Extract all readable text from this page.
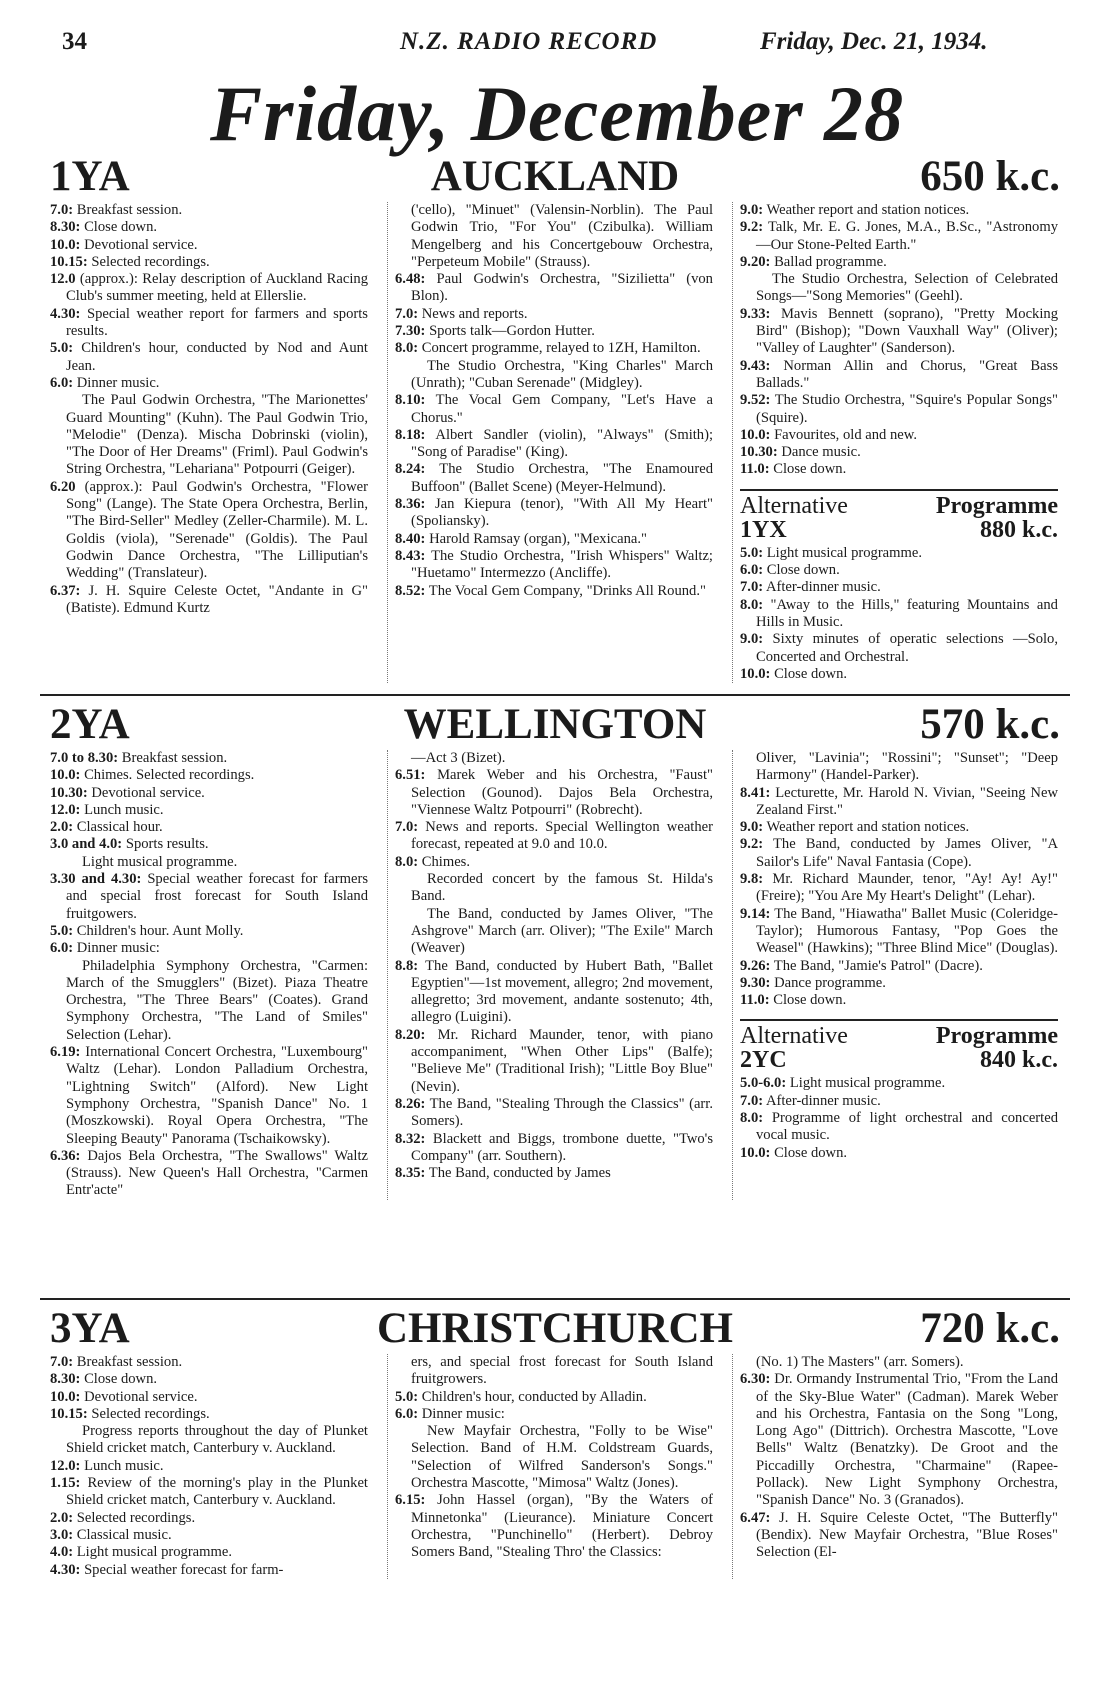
34	N.Z. RADIO RECORD	Friday, Dec. 21, 1934.
Friday, December 28
AUCKLAND
1YA	650 k.c.

7.0: Breakfast session.

8.30: Close down.

10.0: Devotional service.

10.15: Selected recordings.

12.0 (approx.): Relay description of Auckland Racing Club's summer meeting, held at Ellerslie.

4.30: Special weather report for farmers and sports results.

5.0: Children's hour, conducted by Nod and Aunt Jean.

6.0: Dinner music.

The Paul Godwin Orchestra, "The Marionettes' Guard Mounting" (Kuhn). The Paul Godwin Trio, "Melodie" (Denza). Mischa Dobrinski (violin), "The Door of Her Dreams" (Friml). Paul Godwin's String Orchestra, "Lehariana" Potpourri (Geiger).

6.20 (approx.): Paul Godwin's Orchestra, "Flower Song" (Lange). The State Opera Orchestra, Berlin, "The Bird-Seller" Medley (Zeller-Charmile). M. L. Goldis (viola), "Serenade" (Goldis). The Paul Godwin Dance Orchestra, "The Lilliputian's Wedding" (Translateur).

6.37: J. H. Squire Celeste Octet, "Andante in G" (Batiste). Edmund Kurtz

('cello), "Minuet" (Valensin-Norblin). The Paul Godwin Trio, "For You" (Czibulka). William Mengelberg and his Concertgebouw Orchestra, "Perpeteum Mobile" (Strauss).

6.48: Paul Godwin's Orchestra, "Sizilietta" (von Blon).

7.0: News and reports.

7.30: Sports talk—Gordon Hutter.

8.0: Concert programme, relayed to 1ZH, Hamilton.

The Studio Orchestra, "King Charles" March (Unrath); "Cuban Serenade" (Midgley).

8.10: The Vocal Gem Company, "Let's Have a Chorus."

8.18: Albert Sandler (violin), "Always" (Smith); "Song of Paradise" (King).

8.24: The Studio Orchestra, "The Enamoured Buffoon" (Ballet Scene) (Meyer-Helmund).

8.36: Jan Kiepura (tenor), "With All My Heart" (Spoliansky).

8.40: Harold Ramsay (organ), "Mexicana."

8.43: The Studio Orchestra, "Irish Whispers" Waltz; "Huetamo" Intermezzo (Ancliffe).

8.52: The Vocal Gem Company, "Drinks All Round."

9.0: Weather report and station notices.

9.2: Talk, Mr. E. G. Jones, M.A., B.Sc., "Astronomy—Our Stone-Pelted Earth."

9.20: Ballad programme.

The Studio Orchestra, Selection of Celebrated Songs—"Song Memories" (Geehl).

9.33: Mavis Bennett (soprano), "Pretty Mocking Bird" (Bishop); "Down Vauxhall Way" (Oliver); "Valley of Laughter" (Sanderson).

9.43: Norman Allin and Chorus, "Great Bass Ballads."

9.52: The Studio Orchestra, "Squire's Popular Songs" (Squire).

10.0: Favourites, old and new.

10.30: Dance music.

11.0: Close down.

Alternative	Programme
1YX	880 k.c.

5.0: Light musical programme.

6.0: Close down.

7.0: After-dinner music.

8.0: "Away to the Hills," featuring Mountains and Hills in Music.

9.0: Sixty minutes of operatic selections —Solo, Concerted and Orchestral.

10.0: Close down.

WELLINGTON
2YA	570 k.c.

7.0 to 8.30: Breakfast session.

10.0: Chimes. Selected recordings.

10.30: Devotional service.

12.0: Lunch music.

2.0: Classical hour.

3.0 and 4.0: Sports results.

Light musical programme.

3.30 and 4.30: Special weather forecast for farmers and special frost forecast for South Island fruitgowers.

5.0: Children's hour. Aunt Molly.

6.0: Dinner music:

Philadelphia Symphony Orchestra, "Carmen: March of the Smugglers" (Bizet). Piaza Theatre Orchestra, "The Three Bears" (Coates). Grand Symphony Orchestra, "The Land of Smiles" Selection (Lehar).

6.19: International Concert Orchestra, "Luxembourg" Waltz (Lehar). London Palladium Orchestra, "Lightning Switch" (Alford). New Light Symphony Orchestra, "Spanish Dance" No. 1 (Moszkowski). Royal Opera Orchestra, "The Sleeping Beauty" Panorama (Tschaikowsky).

6.36: Dajos Bela Orchestra, "The Swallows" Waltz (Strauss). New Queen's Hall Orchestra, "Carmen Entr'acte"

—Act 3 (Bizet).

6.51: Marek Weber and his Orchestra, "Faust" Selection (Gounod). Dajos Bela Orchestra, "Viennese Waltz Potpourri" (Robrecht).

7.0: News and reports. Special Wellington weather forecast, repeated at 9.0 and 10.0.

8.0: Chimes.

Recorded concert by the famous St. Hilda's Band.

The Band, conducted by James Oliver, "The Ashgrove" March (arr. Oliver); "The Exile" March (Weaver)

8.8: The Band, conducted by Hubert Bath, "Ballet Egyptien"—1st movement, allegro; 2nd movement, allegretto; 3rd movement, andante sostenuto; 4th, allegro (Luigini).

8.20: Mr. Richard Maunder, tenor, with piano accompaniment, "When Other Lips" (Balfe); "Believe Me" (Traditional Irish); "Little Boy Blue" (Nevin).

8.26: The Band, "Stealing Through the Classics" (arr. Somers).

8.32: Blackett and Biggs, trombone duette, "Two's Company" (arr. Southern).

8.35: The Band, conducted by James

Oliver, "Lavinia"; "Rossini"; "Sunset"; "Deep Harmony" (Handel-Parker).

8.41: Lecturette, Mr. Harold N. Vivian, "Seeing New Zealand First."

9.0: Weather report and station notices.

9.2: The Band, conducted by James Oliver, "A Sailor's Life" Naval Fantasia (Cope).

9.8: Mr. Richard Maunder, tenor, "Ay! Ay! Ay!" (Freire); "You Are My Heart's Delight" (Lehar).

9.14: The Band, "Hiawatha" Ballet Music (Coleridge-Taylor); Humorous Fantasy, "Pop Goes the Weasel" (Hawkins); "Three Blind Mice" (Douglas).

9.26: The Band, "Jamie's Patrol" (Dacre).

9.30: Dance programme.

11.0: Close down.

Alternative	Programme
2YC	840 k.c.

5.0-6.0: Light musical programme.

7.0: After-dinner music.

8.0: Programme of light orchestral and concerted vocal music.

10.0: Close down.

CHRISTCHURCH
3YA	720 k.c.

7.0: Breakfast session.

8.30: Close down.

10.0: Devotional service.

10.15: Selected recordings.

Progress reports throughout the day of Plunket Shield cricket match, Canterbury v. Auckland.

12.0: Lunch music.

1.15: Review of the morning's play in the Plunket Shield cricket match, Canterbury v. Auckland.

2.0: Selected recordings.

3.0: Classical music.

4.0: Light musical programme.

4.30: Special weather forecast for farm-

ers, and special frost forecast for South Island fruitgrowers.

5.0: Children's hour, conducted by Alladin.

6.0: Dinner music:

New Mayfair Orchestra, "Folly to be Wise" Selection. Band of H.M. Coldstream Guards, "Selection of Wilfred Sanderson's Songs." Orchestra Mascotte, "Mimosa" Waltz (Jones).

6.15: John Hassel (organ), "By the Waters of Minnetonka" (Lieurance). Miniature Concert Orchestra, "Punchinello" (Herbert). Debroy Somers Band, "Stealing Thro' the Classics:

(No. 1) The Masters" (arr. Somers).

6.30: Dr. Ormandy Instrumental Trio, "From the Land of the Sky-Blue Water" (Cadman). Marek Weber and his Orchestra, Fantasia on the Song "Long, Long Ago" (Dittrich). Orchestra Mascotte, "Love Bells" Waltz (Benatzky). De Groot and the Piccadilly Orchestra, "Charmaine" (Rapee-Pollack). New Light Symphony Orchestra, "Spanish Dance" No. 3 (Granados).

6.47: J. H. Squire Celeste Octet, "The Butterfly" (Bendix). New Mayfair Orchestra, "Blue Roses" Selection (El-
